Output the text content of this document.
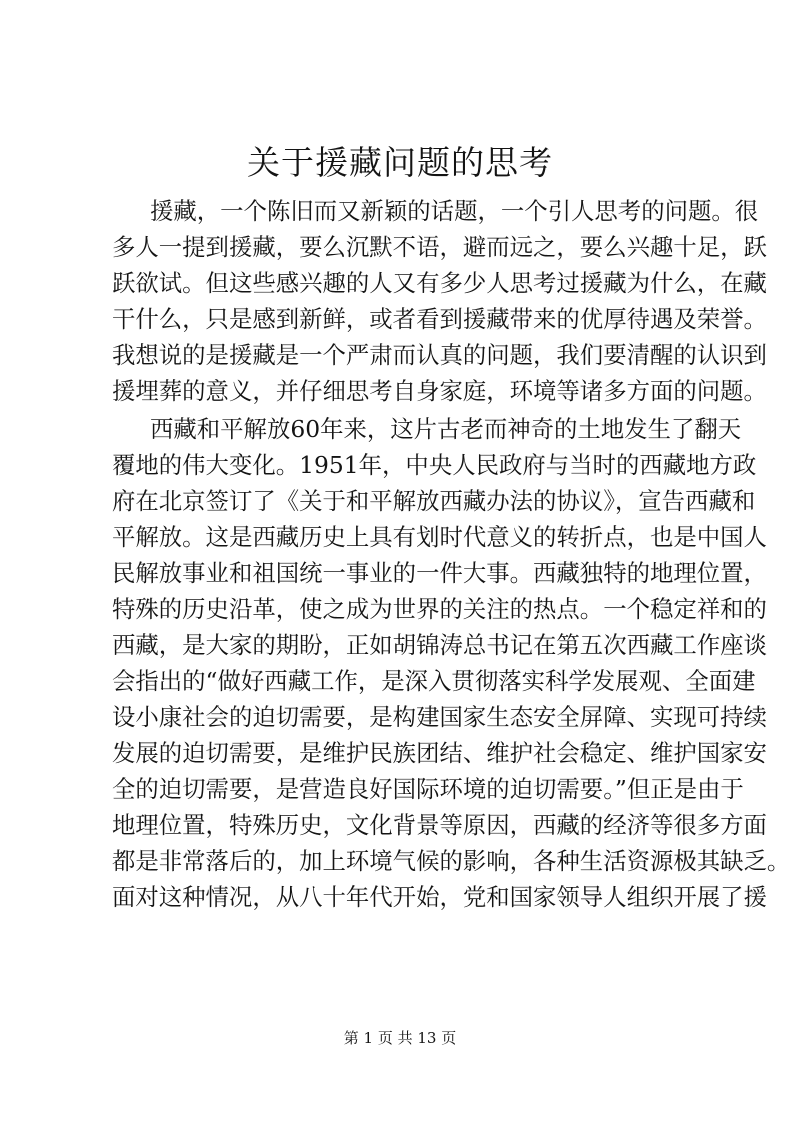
关于援藏问题的思考
援藏，一个陈旧而又新颖的话题，一个引人思考的问题。很
多人一提到援藏，要么沉默不语，避而远之，要么兴趣十足，跃
跃欲试。但这些感兴趣的人又有多少人思考过援藏为什么，在藏
干什么，只是感到新鲜，或者看到援藏带来的优厚待遇及荣誉。
我想说的是援藏是一个严肃而认真的问题，我们要清醒的认识到
援埋葬的意义，并仔细思考自身家庭，环境等诸多方面的问题。
西藏和平解放60年来，这片古老而神奇的土地发生了翻天
覆地的伟大变化。1951年，中央人民政府与当时的西藏地方政
府在北京签订了《关于和平解放西藏办法的协议》，宣告西藏和
平解放。这是西藏历史上具有划时代意义的转折点，也是中国人
民解放事业和祖国统一事业的一件大事。西藏独特的地理位置，
特殊的历史沿革，使之成为世界的关注的热点。一个稳定祥和的
西藏，是大家的期盼，正如胡锦涛总书记在第五次西藏工作座谈
会指出的“做好西藏工作，是深入贯彻落实科学发展观、全面建
设小康社会的迫切需要，是构建国家生态安全屏障、实现可持续
发展的迫切需要，是维护民族团结、维护社会稳定、维护国家安
全的迫切需要，是营造良好国际环境的迫切需要。”但正是由于
地理位置，特殊历史，文化背景等原因，西藏的经济等很多方面
都是非常落后的，加上环境气候的影响，各种生活资源极其缺乏。
面对这种情况，从八十年代开始，党和国家领导人组织开展了援
第 1 页 共 13 页
